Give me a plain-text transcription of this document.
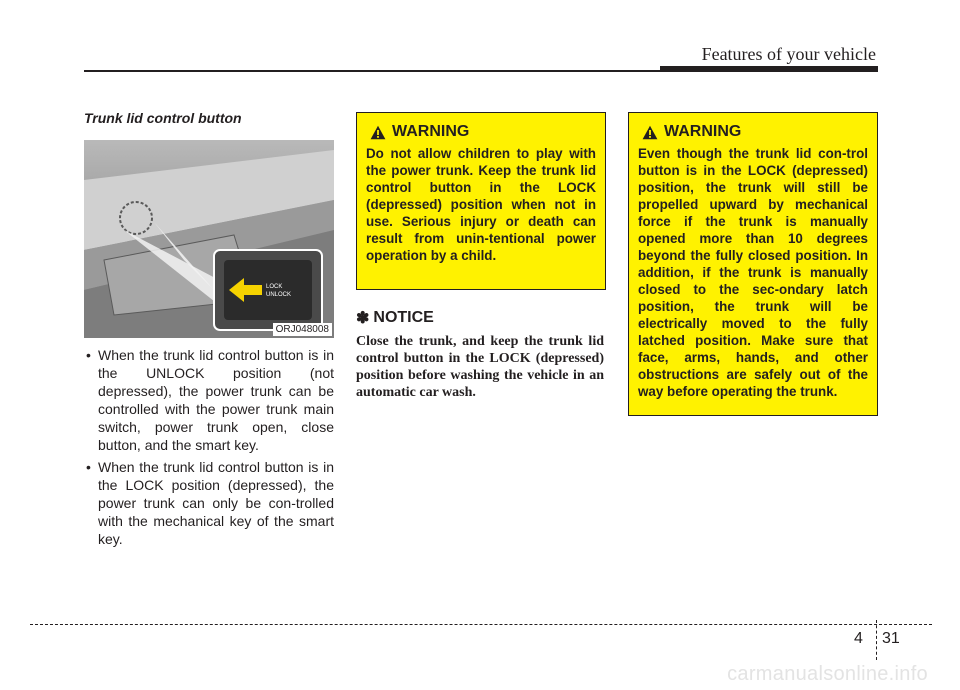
Features of your vehicle
Trunk lid control button
LOCK
UNLOCK
ORJ048008
• When the trunk lid control button is in the UNLOCK position (not depressed), the power trunk can be controlled with the power trunk main switch, power trunk open, close button, and the smart key.
• When the trunk lid control button is in the LOCK position (depressed), the power trunk can only be con-trolled with the mechanical key of the smart key.
WARNING

Do not allow children to play with the power trunk. Keep the trunk lid control button in the LOCK (depressed) position when not in use. Serious injury or death can result from unin-tentional power operation by a child.

✽ NOTICE

Close the trunk, and keep the trunk lid control button in the LOCK (depressed) position before washing the vehicle in an automatic car wash.

WARNING

Even though the trunk lid con-trol button is in the LOCK (depressed) position, the trunk will still be propelled upward by mechanical force if the trunk is manually opened more than 10 degrees beyond the fully closed position. In addition, if the trunk is manually closed to the sec-ondary latch position, the trunk will be electrically moved to the fully latched position. Make sure that face, arms, hands, and other obstructions are safely out of the way before operating the trunk.

4 31
carmanualsonline.info
